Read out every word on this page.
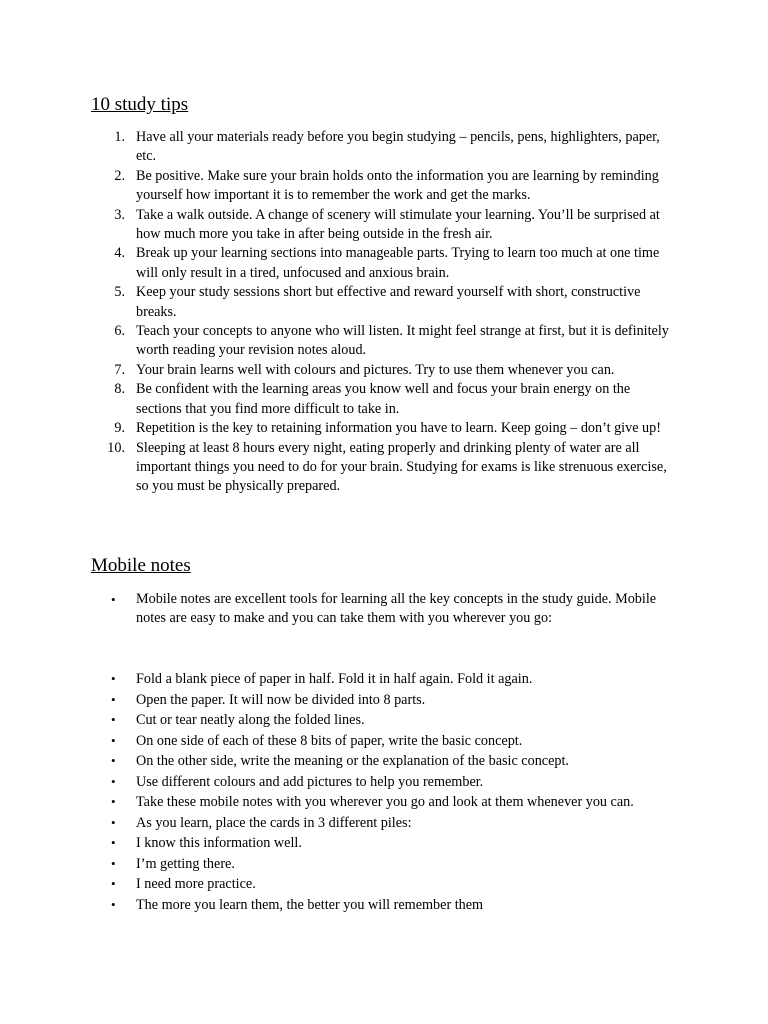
10 study tips
1. Have all your materials ready before you begin studying – pencils, pens, highlighters, paper, etc.
2. Be positive. Make sure your brain holds onto the information you are learning by reminding yourself how important it is to remember the work and get the marks.
3. Take a walk outside. A change of scenery will stimulate your learning. You’ll be surprised at how much more you take in after being outside in the fresh air.
4. Break up your learning sections into manageable parts. Trying to learn too much at one time will only result in a tired, unfocused and anxious brain.
5. Keep your study sessions short but effective and reward yourself with short, constructive breaks.
6. Teach your concepts to anyone who will listen. It might feel strange at first, but it is definitely worth reading your revision notes aloud.
7. Your brain learns well with colours and pictures. Try to use them whenever you can.
8. Be confident with the learning areas you know well and focus your brain energy on the sections that you find more difficult to take in.
9. Repetition is the key to retaining information you have to learn. Keep going – don’t give up!
10. Sleeping at least 8 hours every night, eating properly and drinking plenty of water are all important things you need to do for your brain. Studying for exams is like strenuous exercise, so you must be physically prepared.
Mobile notes
• Mobile notes are excellent tools for learning all the key concepts in the study guide. Mobile notes are easy to make and you can take them with you wherever you go:
• Fold a blank piece of paper in half. Fold it in half again. Fold it again.
• Open the paper. It will now be divided into 8 parts.
• Cut or tear neatly along the folded lines.
• On one side of each of these 8 bits of paper, write the basic concept.
• On the other side, write the meaning or the explanation of the basic concept.
• Use different colours and add pictures to help you remember.
• Take these mobile notes with you wherever you go and look at them whenever you can.
• As you learn, place the cards in 3 different piles:
• I know this information well.
• I’m getting there.
• I need more practice.
• The more you learn them, the better you will remember them
